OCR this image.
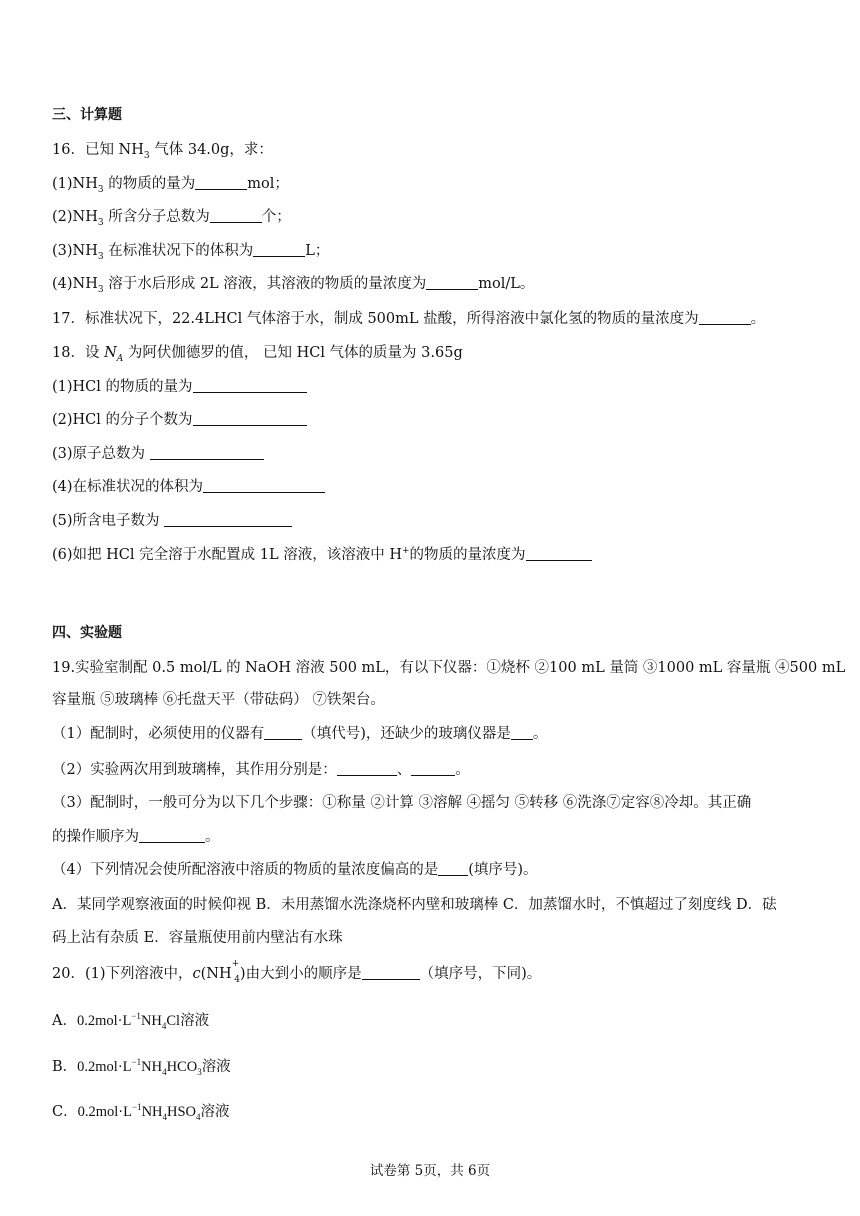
三、计算题
16．已知 $NH_3$ 气体 34.0g，求：
$(1)NH_3$ 的物质的量为	mol；
$(2)NH_3$ 所含分子总数为	个；
$(3)NH_3$ 在标准状况下的体积为	L；
$(4)NH_3$ 溶于水后形成 2L 溶液，其溶液的物质的量浓度为	mol/L。
17．标准状况下，22.4LHCl 气体溶于水，制成 500mL 盐酸，所得溶液中氯化氢的物质的量浓度为	。
18．设 $N_A$ 为阿伏伽德罗的值， 已知 HCl 气体的质量为 3.65g
(1)HCl 的物质的量为
(2)HCl 的分子个数为
(3)原子总数为
(4)在标准状况的体积为
(5)所含电子数为
(6)如把 HCl 完全溶于水配置成 1L 溶液，该溶液中 H+的物质的量浓度为
四、实验题
19.实验室制配 0.5 mol/L 的 NaOH 溶液 500 mL，有以下仪器：①烧杯 ②100 mL 量筒 ③1000 mL 容量瓶 ④500 mL
容量瓶 ⑤玻璃棒 ⑥托盘天平（带砝码） ⑦铁架台。
（1）配制时，必须使用的仪器有	（填代号)，还缺少的玻璃仪器是 。
（2）实验两次用到玻璃棒，其作用分别是：	、	。
（3）配制时，一般可分为以下几个步骤：①称量 ②计算 ③溶解 ④摇匀 ⑤转移 ⑥洗涤⑦定容⑧冷却。其正确
的操作顺序为	。
（4）下列情况会使所配溶液中溶质的物质的量浓度偏高的是 (填序号)。
A．某同学观察液面的时候仰视 B．未用蒸馏水洗涤烧杯内壁和玻璃棒 C．加蒸馏水时，不慎超过了刻度线 D．砝
码上沾有杂质 E．容量瓶使用前内壁沾有水珠
20．(1)下列溶液中，$c(NH^+_4)$由大到小的顺序是	（填序号，下同)。
A．$0.2mol\cdot L^{-1}NH_4Cl$溶液
B．$0.2mol\cdot L^{-1}NH_4HCO_3$溶液
C．$0.2mol\cdot L^{-1}NH_4HSO_4$溶液
试卷第 5页，共 6页
